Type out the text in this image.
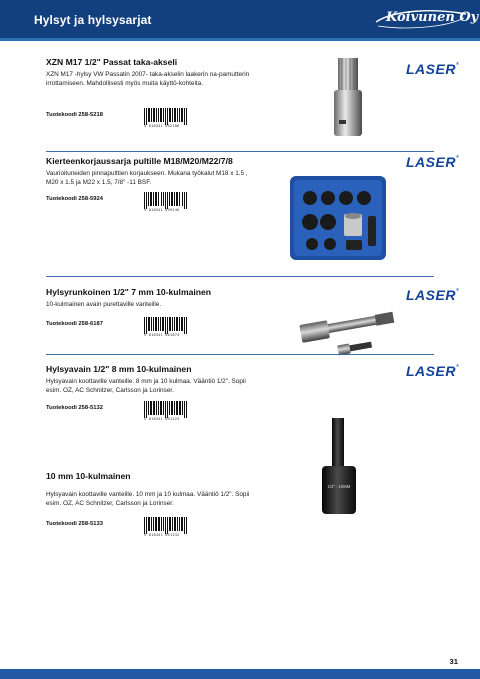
Hylsyt ja hylsysarjat	Koivunen Oy
XZN M17 1/2" Passat taka-akseli
XZN M17 -hylsy VW Passatin 2007- taka-akselin laakerin na-pamutterin irrottamiseen. Mahdollisesti myös muita käyttö-kohteita.
Tuotekoodi 258-5218
5 018341 052186
LASER®
Kierteenkorjaussarja pultille M18/M20/M22/7/8
Vaurioituneiden pinnapulttien korjaukseen. Mukana työkalut M18 x 1.5 , M20 x 1.5 ja M22 x 1.5, 7/8" -11 BSF.
Tuotekoodi 258-5924
5 018341 059246
LASER®
Hylsyrunkoinen 1/2" 7 mm 10-kulmainen
10-kulmainen avain purettaville vanteille.
Tuotekoodi 258-6187
5 018341 061874
LASER®
Hylsyavain 1/2" 8 mm 10-kulmainen
Hylsyavain koottaville vanteille. 8 mm ja 10 kulmaa. Vääntiö 1/2". Sopii esim. OZ, AC Schnitzer, Carlsson ja Lorinser.
Tuotekoodi 258-5132
5 018341 051325
LASER®
10 mm 10-kulmainen
Hylsyavain koottaville vanteille. 10 mm ja 10 kulmaa. Vääntiö 1/2". Sopii esim. OZ, AC Schnitzer, Carlsson ja Lorinser.
Tuotekoodi 258-5133
5 018341 051332
1/2" - 10MM
31
